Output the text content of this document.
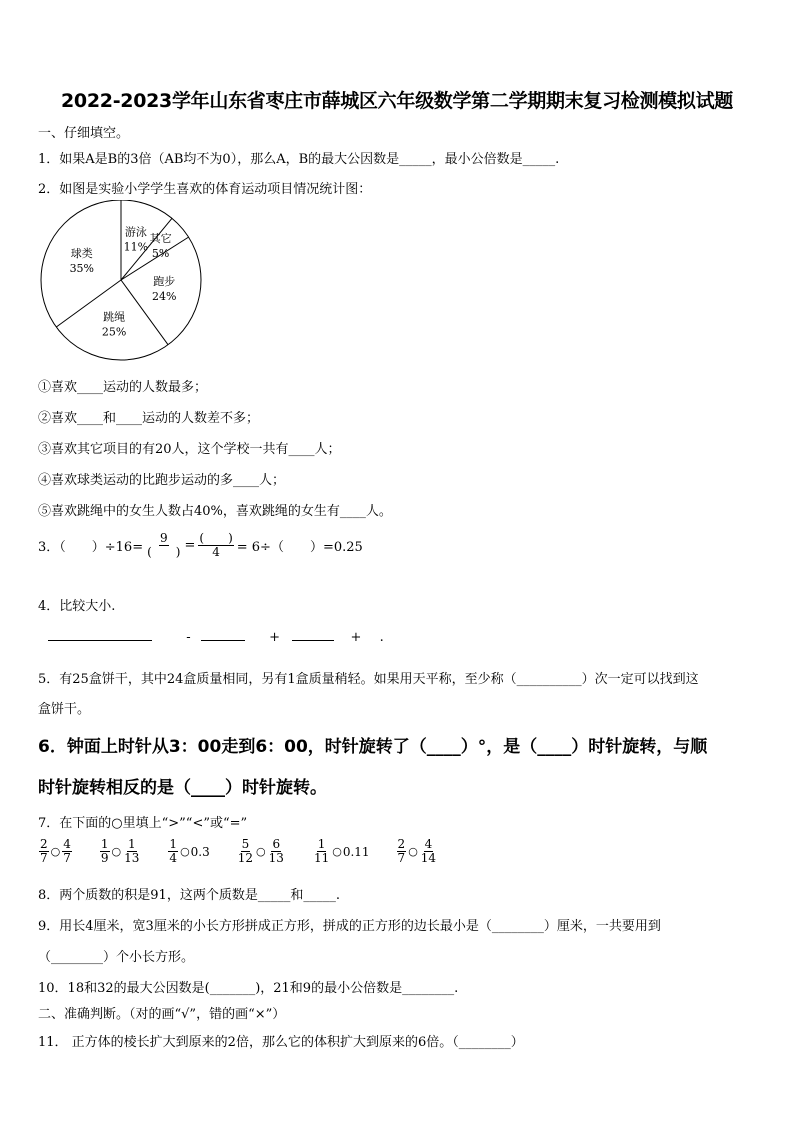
2022-2023学年山东省枣庄市薛城区六年级数学第二学期期末复习检测模拟试题
一、仔细填空。
1．如果A是B的3倍（AB均不为0），那么A，B的最大公因数是_____，最小公倍数是_____.
2．如图是实验小学学生喜欢的体育运动项目情况统计图：
游泳
11%
其它
5%
跑步
24%
跳绳
25%
球类
35%
①喜欢____运动的人数最多；
②喜欢____和____运动的人数差不多；
③喜欢其它项目的有20人，这个学校一共有____人；
④喜欢球类运动的比跑步运动的多____人；
⑤喜欢跳绳中的女生人数占40%，喜欢跳绳的女生有____人。
3．（　　）$\div 16= \frac{9}{( )} = \frac{( )}{4} = 6\div$（　　）=0.25
4．比较大小.
-	+	+ .
5．有25盒饼干，其中24盒质量相同，另有1盒质量稍轻。如果用天平称，至少称（__________）次一定可以找到这
盒饼干。
6．钟面上时针从3：00走到6：00，时针旋转了（____）°，是（____）时针旋转，与顺
时针旋转相反的是（____）时针旋转。
7．在下面的○里填上“>”“<”或“=”
$\frac{2}{7}$ ○ $\frac{4}{7} \frac{1}{9}$ ○ $\frac{1}{13} \frac{1}{4}$ ○ $0.3 \frac{5}{12}$ ○ $\frac{6}{13} \frac{1}{11}$ ○ $0.11 \frac{2}{7}$ ○ $\frac{4}{14}$
8．两个质数的积是91，这两个质数是_____和_____.
9．用长4厘米，宽3厘米的小长方形拼成正方形，拼成的正方形的边长最小是（________）厘米，一共要用到
（________）个小长方形。
10．18和32的最大公因数是(_______)，21和9的最小公倍数是________.
二、准确判断。（对的画“√”，错的画“×”）
11． 正方体的棱长扩大到原来的2倍，那么它的体积扩大到原来的6倍。（________）
